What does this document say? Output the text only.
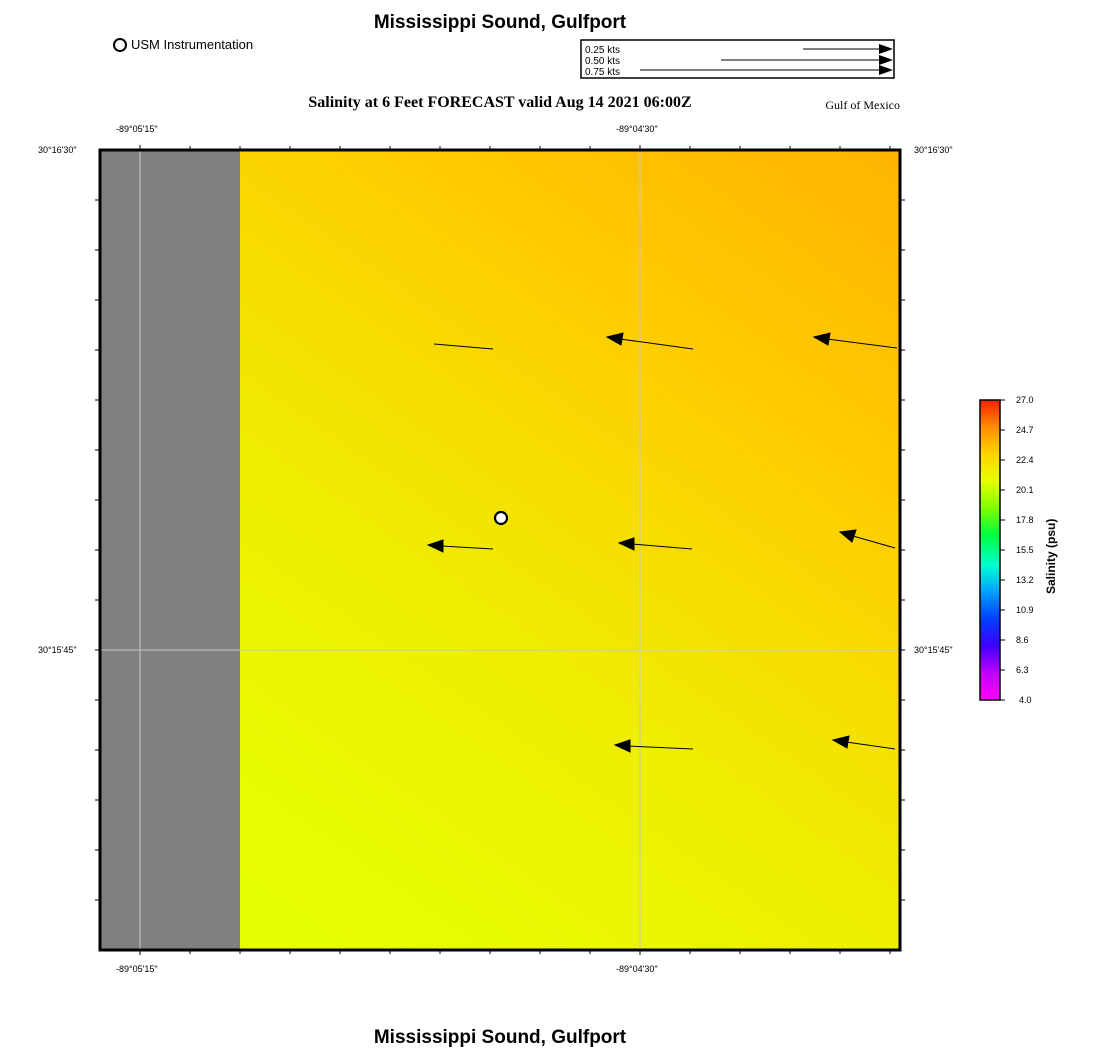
Mississippi Sound, Gulfport
USM Instrumentation
Salinity at 6 Feet FORECAST valid Aug 14 2021 06:00Z	Gulf of Mexico
Mississippi Sound, Gulfport
-89°05'15"	-89°04'30"
-89°05'15"	-89°04'30"
30°16'30"
30°15'45"
30°16'30"
30°15'45"
0.25 kts
0.50 kts
0.75 kts
27.0
24.7
22.4
20.1
17.8
15.5
13.2
10.9
8.6
6.3
4.0
Salinity (psu)
